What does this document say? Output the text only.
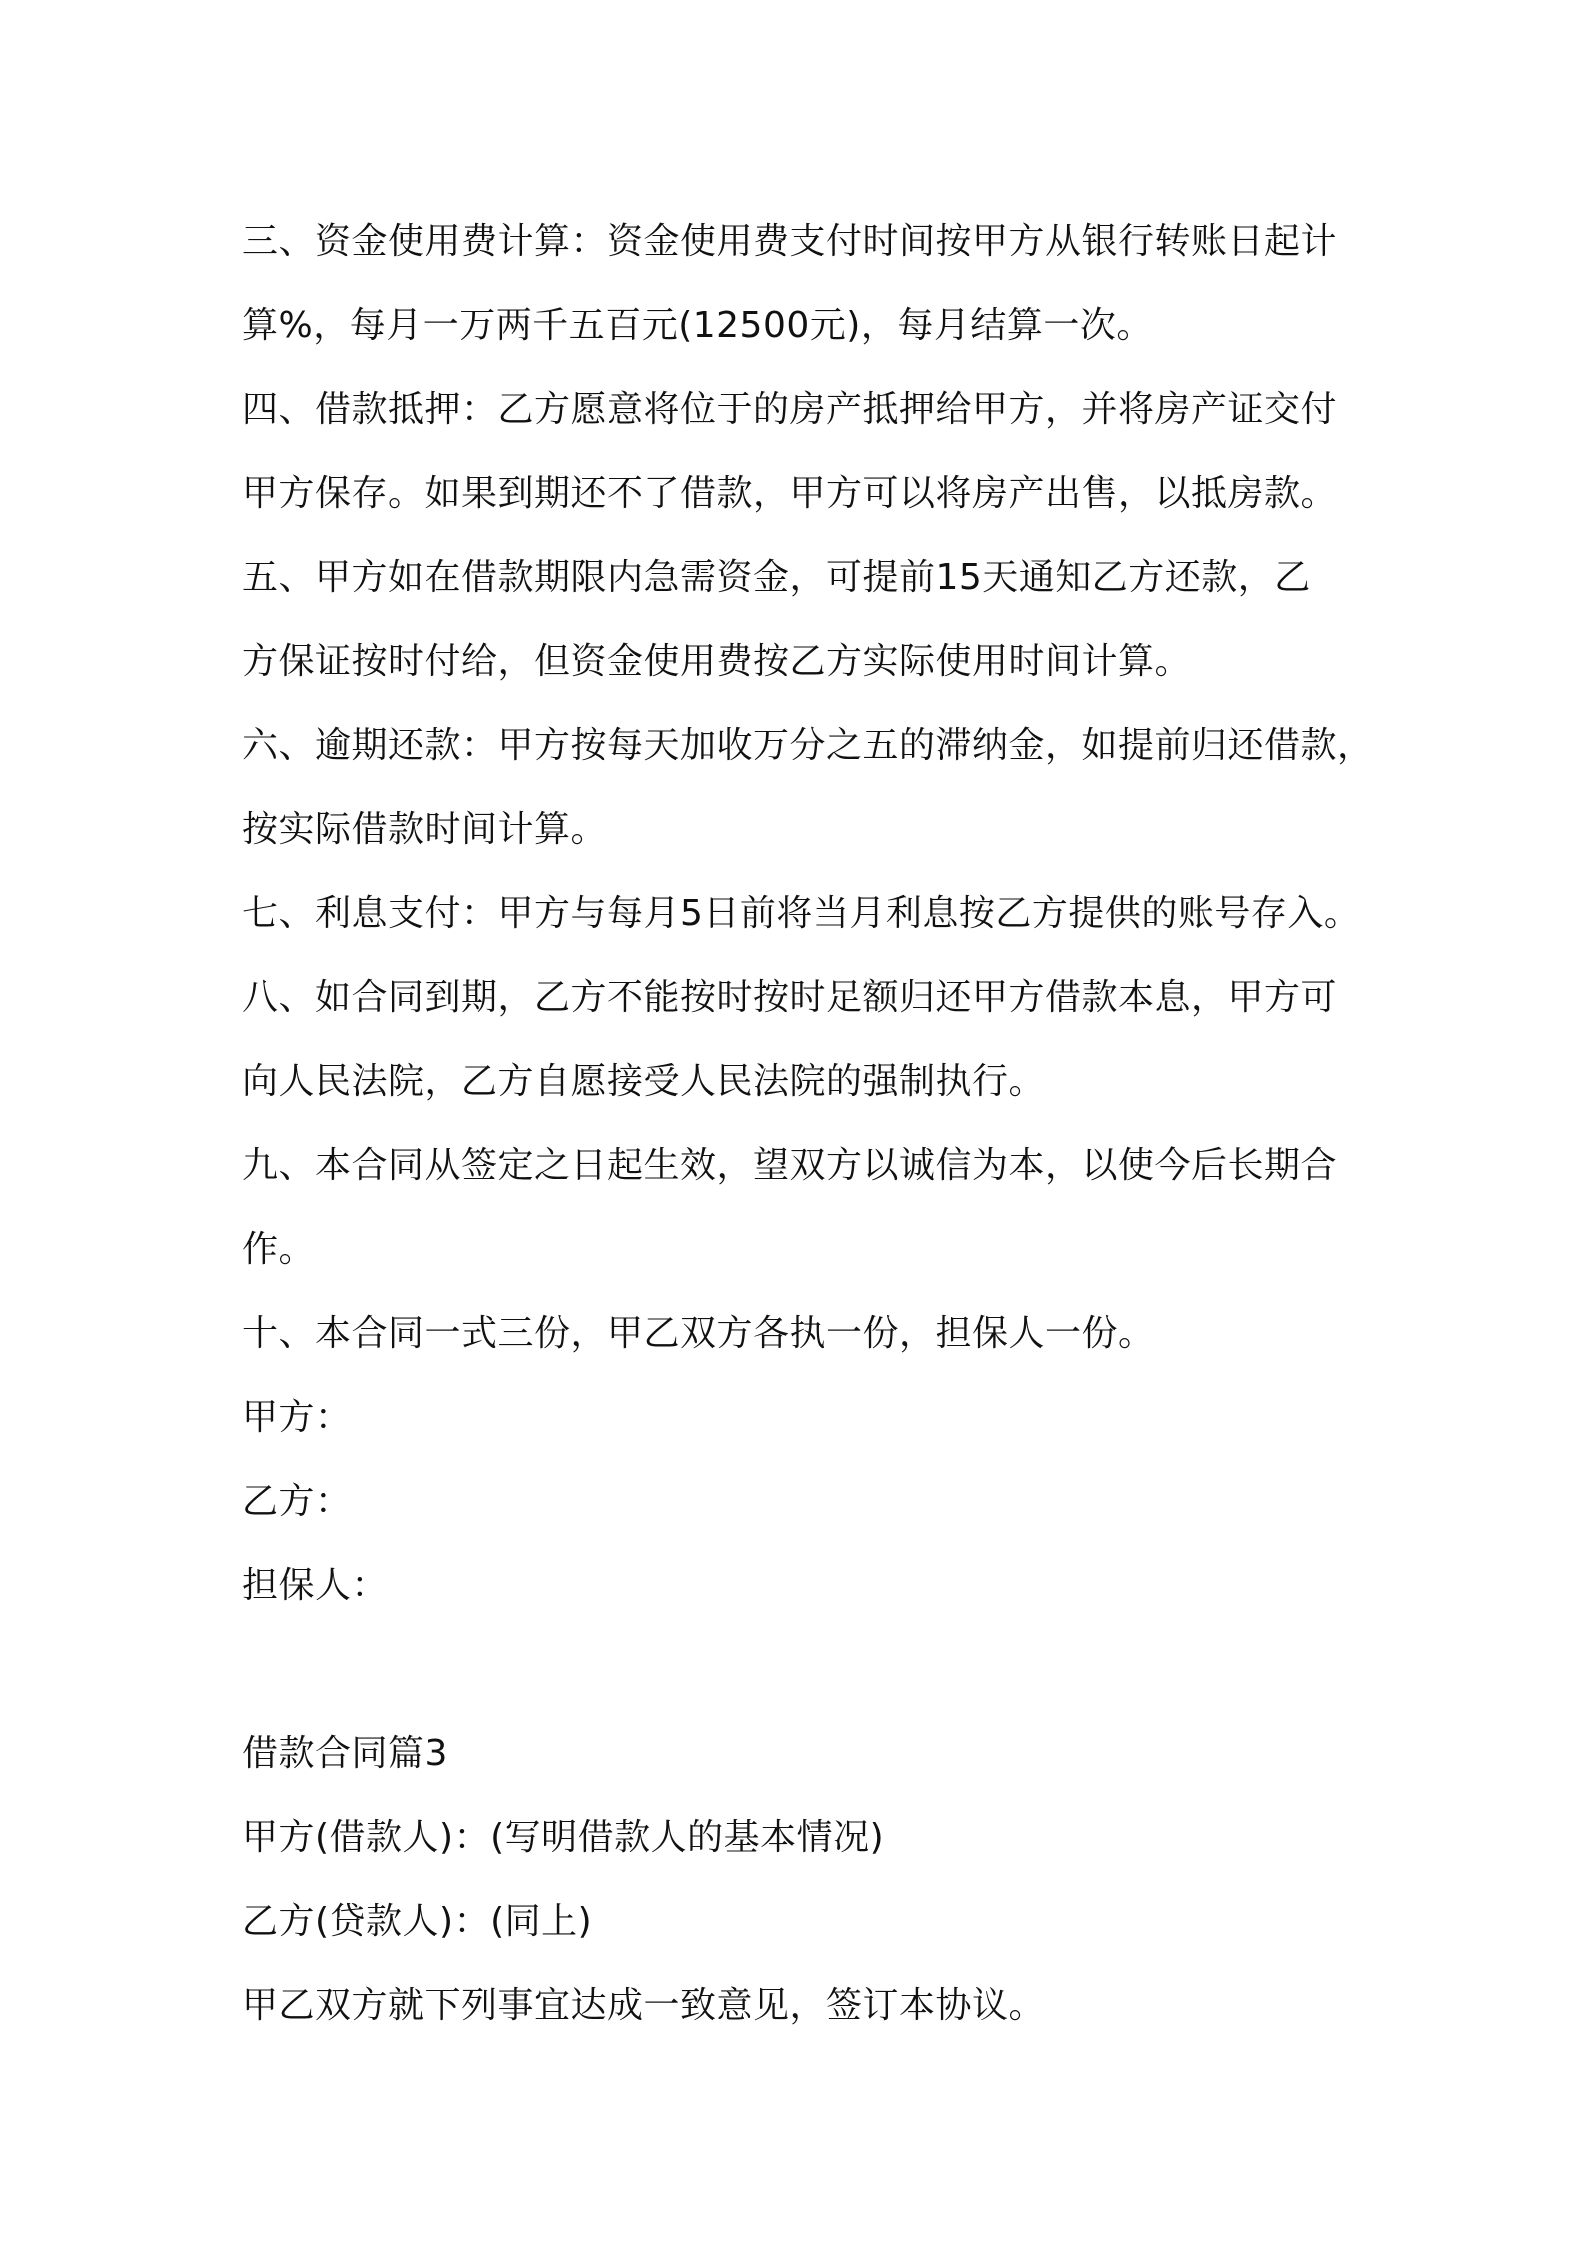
三、资金使用费计算：资金使用费支付时间按甲方从银行转账日起计
算%，每月一万两千五百元(12500元)，每月结算一次。
四、借款抵押：乙方愿意将位于的房产抵押给甲方，并将房产证交付
甲方保存。如果到期还不了借款，甲方可以将房产出售，以抵房款。
五、甲方如在借款期限内急需资金，可提前15天通知乙方还款，乙
方保证按时付给，但资金使用费按乙方实际使用时间计算。
六、逾期还款：甲方按每天加收万分之五的滞纳金，如提前归还借款，
按实际借款时间计算。
七、利息支付：甲方与每月5日前将当月利息按乙方提供的账号存入。
八、如合同到期，乙方不能按时按时足额归还甲方借款本息，甲方可
向人民法院，乙方自愿接受人民法院的强制执行。
九、本合同从签定之日起生效，望双方以诚信为本，以使今后长期合
作。
十、本合同一式三份，甲乙双方各执一份，担保人一份。
甲方：
乙方：
担保人：
借款合同篇3
甲方(借款人)：(写明借款人的基本情况)
乙方(贷款人)：(同上)
甲乙双方就下列事宜达成一致意见，签订本协议。
